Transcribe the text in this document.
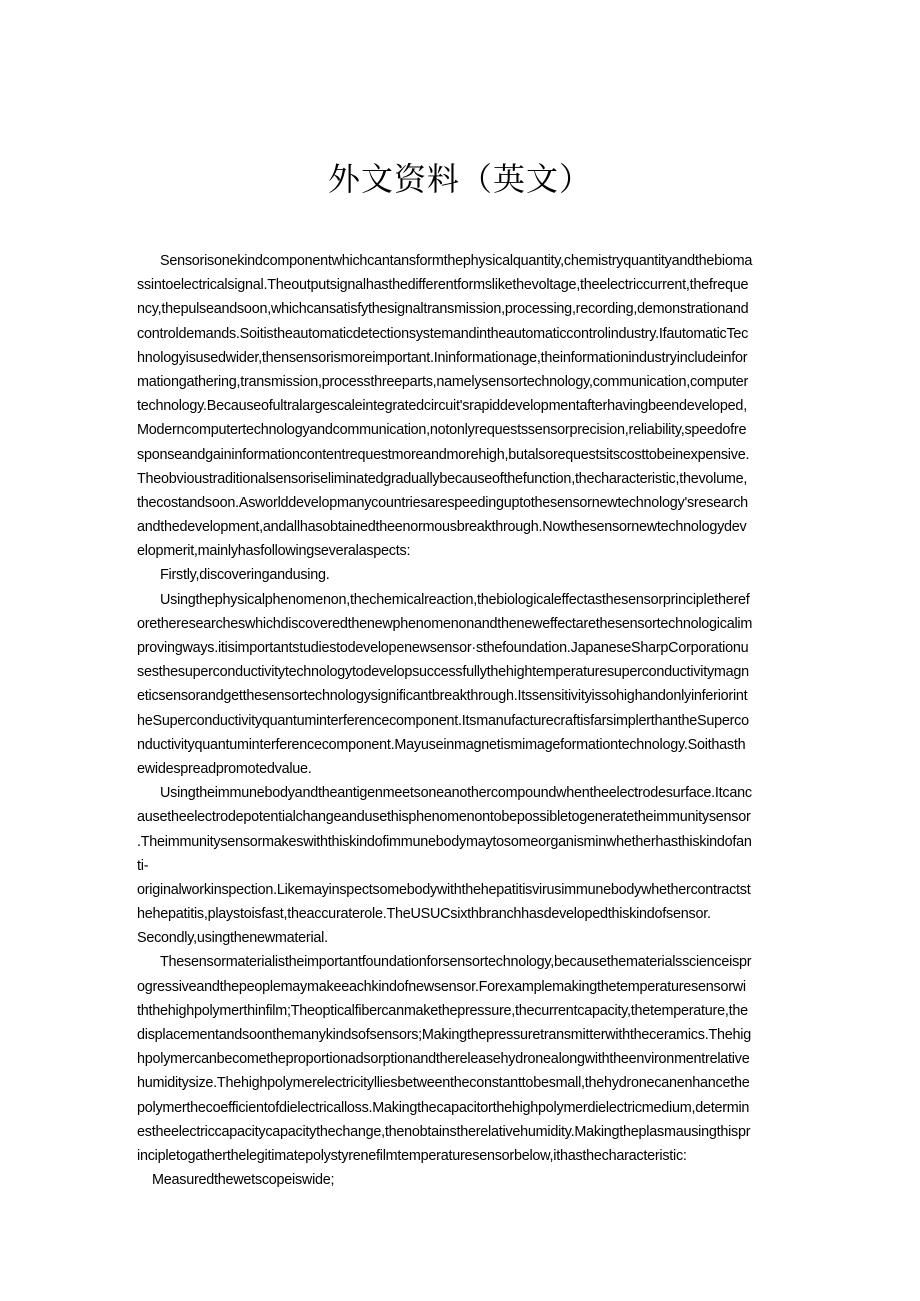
外文资料（英文）
Sensorisonekindcomponentwhichcantansformthephysicalquantity,chemistryquantityandthebioma
ssintoelectricalsignal.Theoutputsignalhasthedifferentformslikethevoltage,theelectriccurrent,thefreque
ncy,thepulseandsoon,whichcansatisfythesignaltransmission,processing,recording,demonstrationand
controldemands.Soitistheautomaticdetectionsystemandintheautomaticcontrolindustry.IfautomaticTec
hnologyisusedwider,thensensorismoreimportant.Ininformationage,theinformationindustryincludeinfor
mationgathering,transmission,processthreeparts,namelysensortechnology,communication,computer
technology.Becauseofultralargescaleintegratedcircuit'srapiddevelopmentafterhavingbeendeveloped,
Moderncomputertechnologyandcommunication,notonlyrequestssensorprecision,reliability,speedofre
sponseandgaininformationcontentrequestmoreandmorehigh,butalsorequestsitscosttobeinexpensive.
Theobvioustraditionalsensoriseliminatedgraduallybecauseofthefunction,thecharacteristic,thevolume,
thecostandsoon.Asworlddevelopmanycountriesarespeedinguptothesensornewtechnology'sresearch
andthedevelopment,andallhasobtainedtheenormousbreakthrough.Nowthesensornewtechnologydev
elopmerit,mainlyhasfollowingseveralaspects:
Firstly,discoveringandusing.
Usingthephysicalphenomenon,thechemicalreaction,thebiologicaleffectasthesensorprincipletheref
oretheresearcheswhichdiscoveredthenewphenomenonandtheneweffectarethesensortechnologicalim
provingways.itisimportantstudiestodevelopenewsensor·sthefoundation.JapaneseSharpCorporationu
sesthesuperconductivitytechnologytodevelopsuccessfullythehightemperaturesuperconductivitymagn
eticsensorandgetthesensortechnologysignificantbreakthrough.Itssensitivityissohighandonlyinferiorint
heSuperconductivityquantuminterferencecomponent.ItsmanufacturecraftisfarsimplerthantheSuperco
nductivityquantuminterferencecomponent.Mayuseinmagnetismimageformationtechnology.Soithasth
ewidespreadpromotedvalue.
Usingtheimmunebodyandtheantigenmeetsoneanothercompoundwhentheelectrodesurface.Itcanc
ausetheelectrodepotentialchangeandusethisphenomenontobepossibletogeneratetheimmunitysensor
.Theimmunitysensormakeswiththiskindofimmunebodymaytosomeorganisminwhetherhasthiskindofan
ti-
originalworkinspection.Likemayinspectsomebodywiththehepatitisvirusimmunebodywhethercontractst
hehepatitis,playstoisfast,theaccuraterole.TheUSUCsixthbranchhasdevelopedthiskindofsensor.
Secondly,usingthenewmaterial.
Thesensormaterialistheimportantfoundationforsensortechnology,becausethematerialsscienceispr
ogressiveandthepeoplemaymakeeachkindofnewsensor.Forexamplemakingthetemperaturesensorwi
ththehighpolymerthinfilm;Theopticalfibercanmakethepressure,thecurrentcapacity,thetemperature,the
displacementandsoonthemanykindsofsensors;Makingthepressuretransmitterwiththeceramics.Thehig
hpolymercanbecometheproportionadsorptionandthereleasehydronealongwiththeenvironmentrelative
humiditysize.Thehighpolymerelectricitylliesbetweentheconstanttobesmall,thehydronecanenhancethe
polymerthecoefficientofdielectricalloss.Makingthecapacitorthehighpolymerdielectricmedium,determin
estheelectriccapacitycapacitythechange,thenobtainstherelativehumidity.Makingtheplasmausingthispr
incipletogatherthelegitimatepolystyrenefilmtemperaturesensorbelow,ithasthecharacteristic:
Measuredthewetscopeiswide;
